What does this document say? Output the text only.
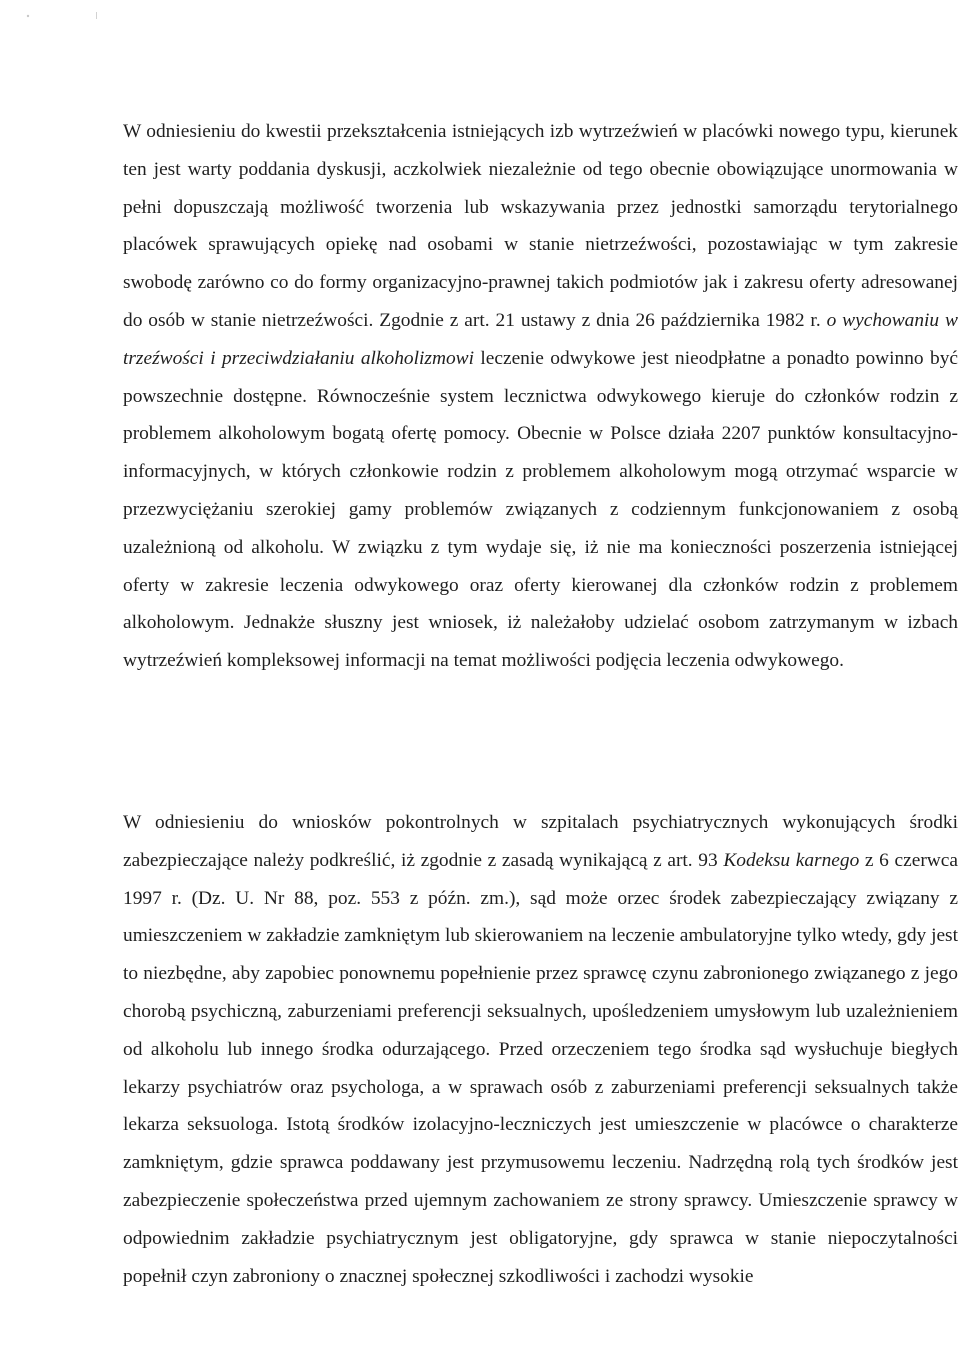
W odniesieniu do kwestii przekształcenia istniejących izb wytrzeźwień w placówki nowego typu, kierunek ten jest warty poddania dyskusji, aczkolwiek niezależnie od tego obecnie obowiązujące unormowania w pełni dopuszczają możliwość tworzenia lub wskazywania przez jednostki samorządu terytorialnego placówek sprawujących opiekę nad osobami w stanie nietrzeźwości, pozostawiając w tym zakresie swobodę zarówno co do formy organizacyjno-prawnej takich podmiotów jak i zakresu oferty adresowanej do osób w stanie nietrzeźwości. Zgodnie z art. 21 ustawy z dnia 26 października 1982 r. o wychowaniu w trzeźwości i przeciwdziałaniu alkoholizmowi leczenie odwykowe jest nieodpłatne a ponadto powinno być powszechnie dostępne. Równocześnie system lecznictwa odwykowego kieruje do członków rodzin z problemem alkoholowym bogatą ofertę pomocy. Obecnie w Polsce działa 2207 punktów konsultacyjno-informacyjnych, w których członkowie rodzin z problemem alkoholowym mogą otrzymać wsparcie w przezwyciężaniu szerokiej gamy problemów związanych z codziennym funkcjonowaniem z osobą uzależnioną od alkoholu. W związku z tym wydaje się, iż nie ma konieczności poszerzenia istniejącej oferty w zakresie leczenia odwykowego oraz oferty kierowanej dla członków rodzin z problemem alkoholowym. Jednakże słuszny jest wniosek, iż należałoby udzielać osobom zatrzymanym w izbach wytrzeźwień kompleksowej informacji na temat możliwości podjęcia leczenia odwykowego.

W odniesieniu do wniosków pokontrolnych w szpitalach psychiatrycznych wykonujących środki zabezpieczające należy podkreślić, iż zgodnie z zasadą wynikającą z art. 93 Kodeksu karnego z 6 czerwca 1997 r. (Dz. U. Nr 88, poz. 553 z późn. zm.), sąd może orzec środek zabezpieczający związany z umieszczeniem w zakładzie zamkniętym lub skierowaniem na leczenie ambulatoryjne tylko wtedy, gdy jest to niezbędne, aby zapobiec ponownemu popełnienie przez sprawcę czynu zabronionego związanego z jego chorobą psychiczną, zaburzeniami preferencji seksualnych, upośledzeniem umysłowym lub uzależnieniem od alkoholu lub innego środka odurzającego. Przed orzeczeniem tego środka sąd wysłuchuje biegłych lekarzy psychiatrów oraz psychologa, a w sprawach osób z zaburzeniami preferencji seksualnych także lekarza seksuologa. Istotą środków izolacyjno-leczniczych jest umieszczenie w placówce o charakterze zamkniętym, gdzie sprawca poddawany jest przymusowemu leczeniu. Nadrzędną rolą tych środków jest zabezpieczenie społeczeństwa przed ujemnym zachowaniem ze strony sprawcy. Umieszczenie sprawcy w odpowiednim zakładzie psychiatrycznym jest obligatoryjne, gdy sprawca w stanie niepoczytalności popełnił czyn zabroniony o znacznej społecznej szkodliwości i zachodzi wysokie
